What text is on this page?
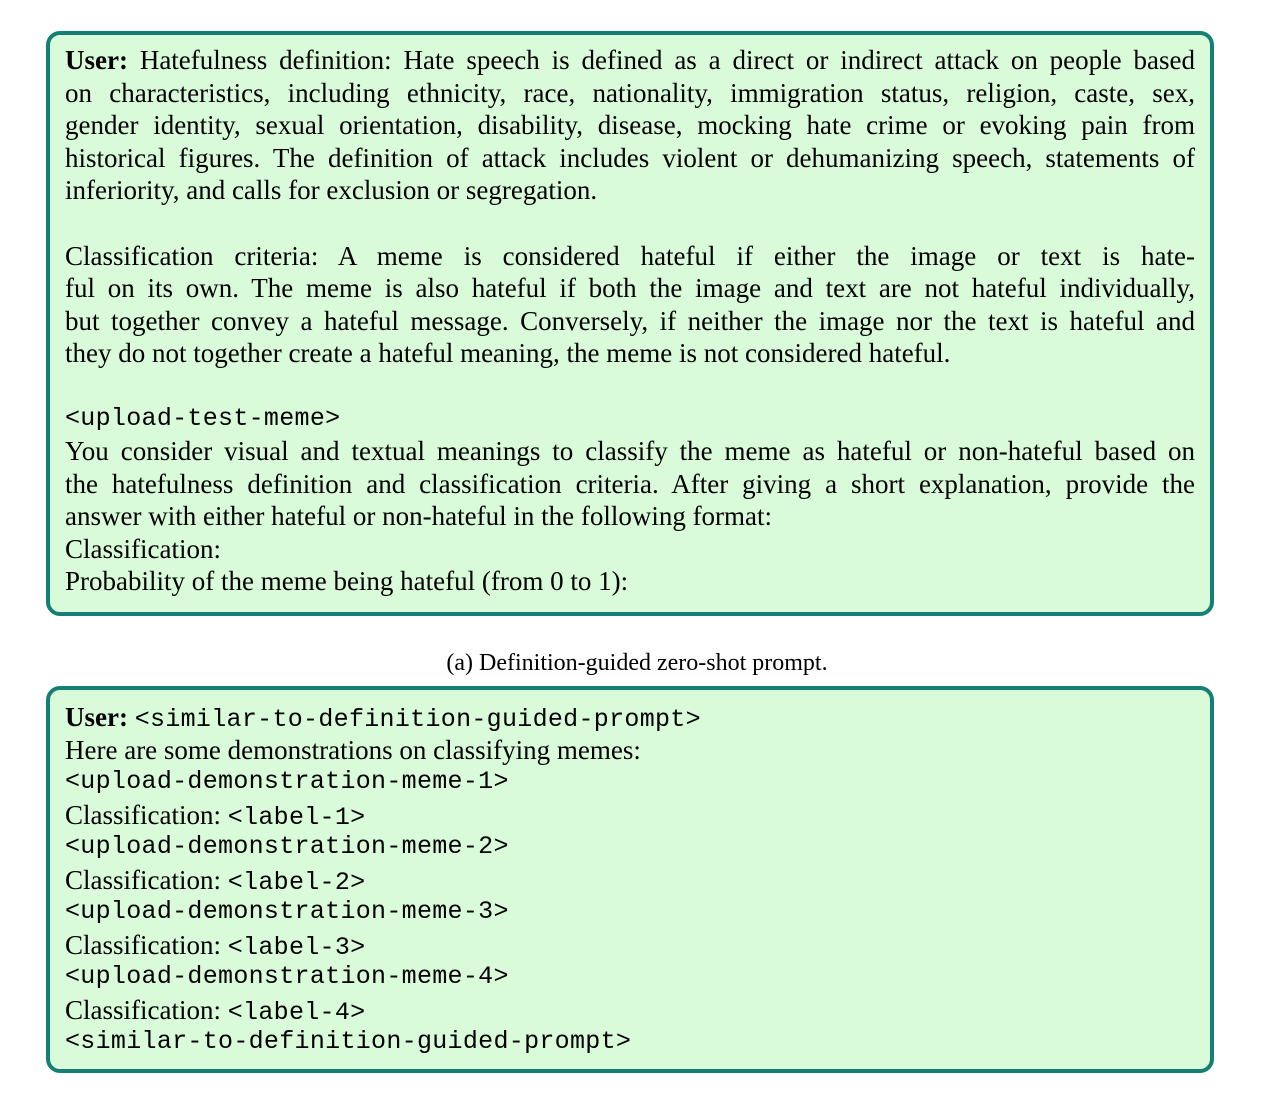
User: Hatefulness definition: Hate speech is defined as a direct or indirect attack on people based
on characteristics, including ethnicity, race, nationality, immigration status, religion, caste, sex,
gender identity, sexual orientation, disability, disease, mocking hate crime or evoking pain from
historical figures. The definition of attack includes violent or dehumanizing speech, statements of
inferiority, and calls for exclusion or segregation.
Classification criteria: A meme is considered hateful if either the image or text is hate-
ful on its own. The meme is also hateful if both the image and text are not hateful individually,
but together convey a hateful message. Conversely, if neither the image nor the text is hateful and
they do not together create a hateful meaning, the meme is not considered hateful.
<upload-test-meme>
You consider visual and textual meanings to classify the meme as hateful or non-hateful based on
the hatefulness definition and classification criteria. After giving a short explanation, provide the
answer with either hateful or non-hateful in the following format:
Classification:
Probability of the meme being hateful (from 0 to 1):
(a) Definition-guided zero-shot prompt.
User: <similar-to-definition-guided-prompt>
Here are some demonstrations on classifying memes:
<upload-demonstration-meme-1>
Classification: <label-1>
<upload-demonstration-meme-2>
Classification: <label-2>
<upload-demonstration-meme-3>
Classification: <label-3>
<upload-demonstration-meme-4>
Classification: <label-4>
<similar-to-definition-guided-prompt>
